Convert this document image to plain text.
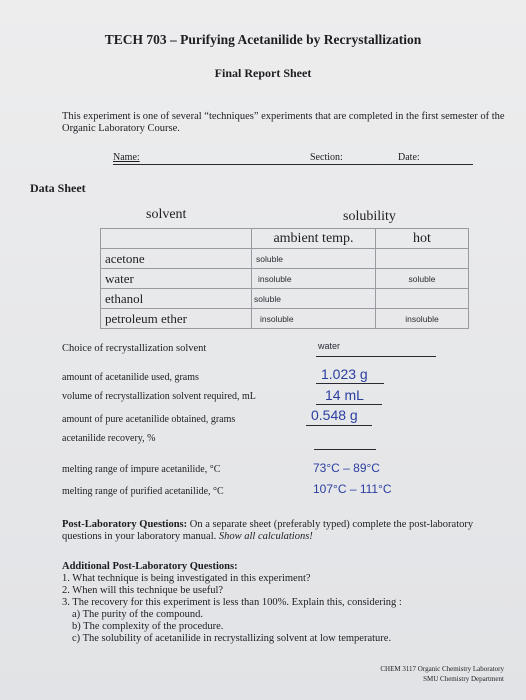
TECH 703 – Purifying Acetanilide by Recrystallization
Final Report Sheet
This experiment is one of several “techniques” experiments that are completed in the first semester of the Organic Laboratory Course.
Name:	Section:	Date:
Data Sheet
solvent	solubility
	ambient temp.	hot
acetone	soluble	
water	insoluble	soluble
ethanol	soluble	
petroleum ether	insoluble	insoluble
Choice of recrystallization solvent	water
amount of acetanilide used, grams	1.023 g
volume of recrystallization solvent required, mL	14 mL
amount of pure acetanilide obtained, grams	0.548 g
acetanilide recovery, %
melting range of impure acetanilide, °C	73°C – 89°C
melting range of purified acetanilide, °C	107°C – 111°C
Post-Laboratory Questions: On a separate sheet (preferably typed) complete the post-laboratory questions in your laboratory manual. Show all calculations!
Additional Post-Laboratory Questions:
1. What technique is being investigated in this experiment?
2. When will this technique be useful?
3. The recovery for this experiment is less than 100%. Explain this, considering :
a) The purity of the compound.
b) The complexity of the procedure.
c) The solubility of acetanilide in recrystallizing solvent at low temperature.
CHEM 3117 Organic Chemistry Laboratory
SMU Chemistry Department
